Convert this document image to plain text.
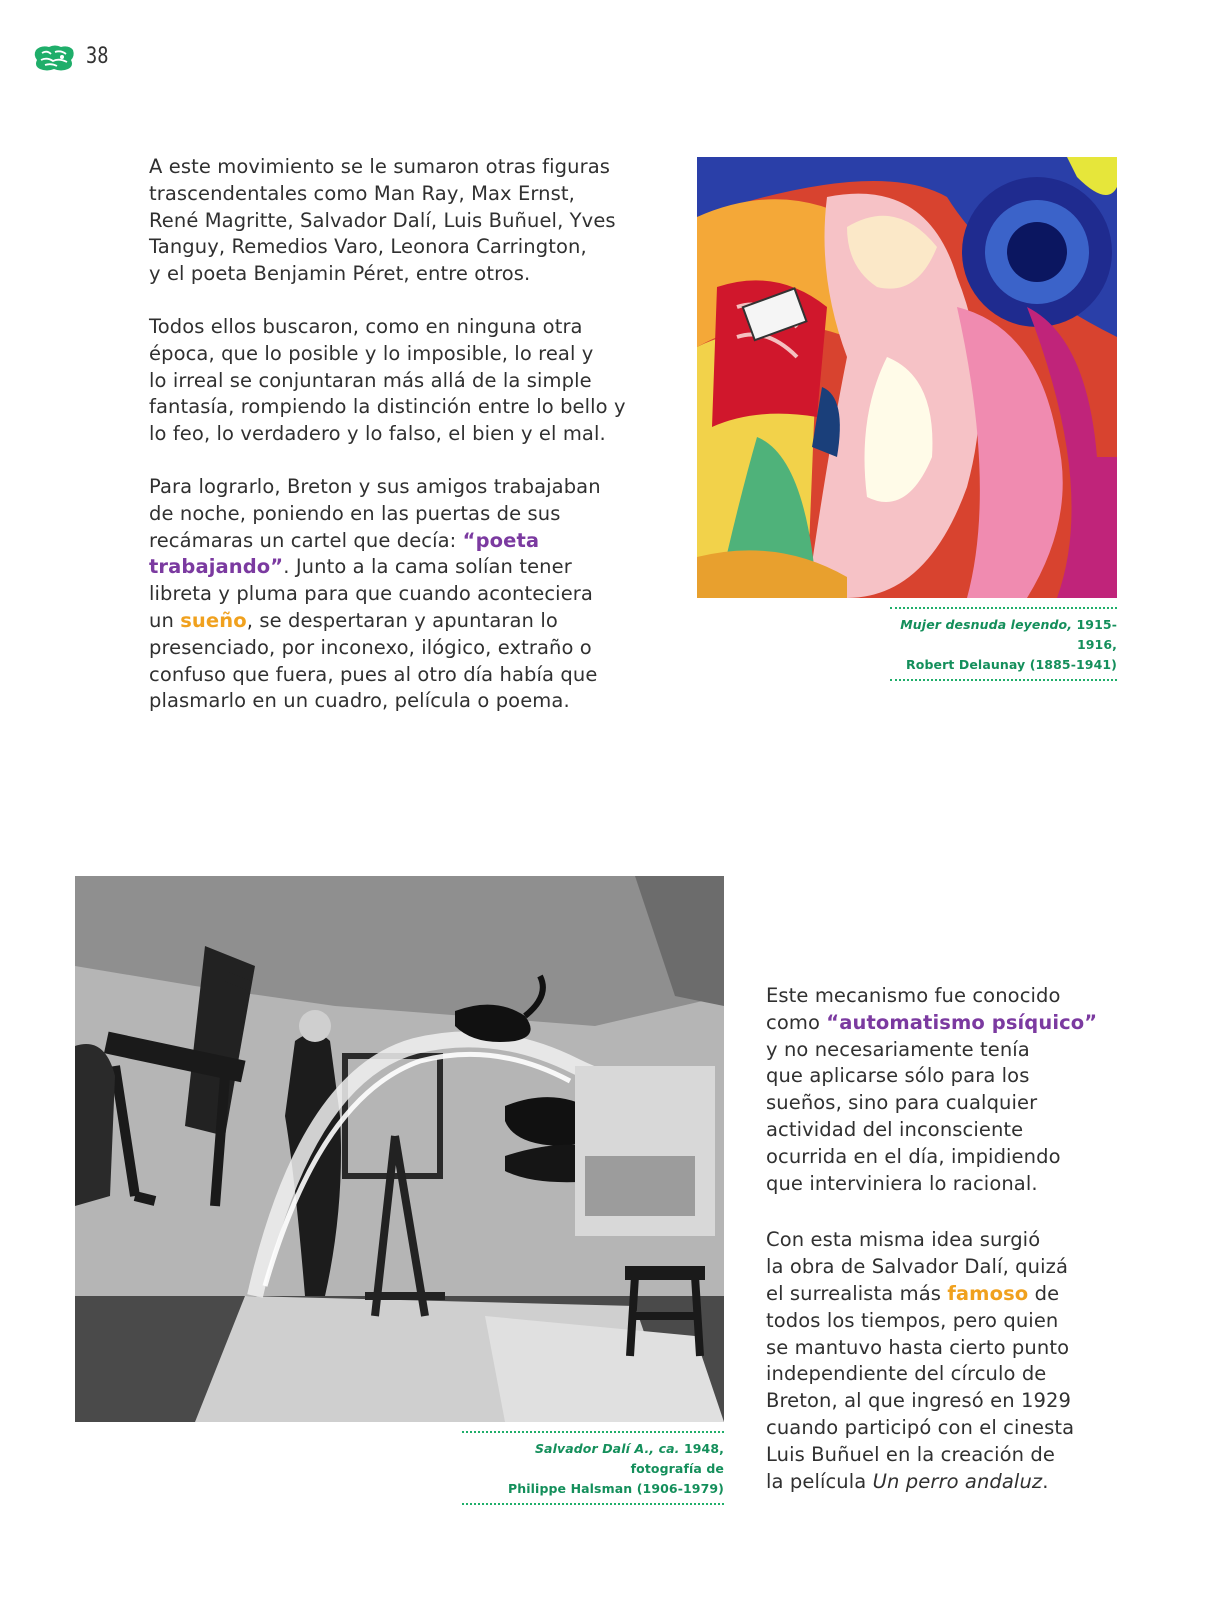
38

A este movimiento se le sumaron otras figuras
trascendentales como Man Ray, Max Ernst,
René Magritte, Salvador Dalí, Luis Buñuel, Yves
Tanguy, Remedios Varo, Leonora Carrington,
y el poeta Benjamin Péret, entre otros.

Todos ellos buscaron, como en ninguna otra
época, que lo posible y lo imposible, lo real y
lo irreal se conjuntaran más allá de la simple
fantasía, rompiendo la distinción entre lo bello y
lo feo, lo verdadero y lo falso, el bien y el mal.

Para lograrlo, Breton y sus amigos trabajaban
de noche, poniendo en las puertas de sus
recámaras un cartel que decía: “poeta
trabajando”. Junto a la cama solían tener
libreta y pluma para que cuando aconteciera
un sueño, se despertaran y apuntaran lo
presenciado, por inconexo, ilógico, extraño o
confuso que fuera, pues al otro día había que
plasmarlo en un cuadro, película o poema.

Mujer desnuda leyendo, 1915-1916,
Robert Delaunay (1885-1941)
Salvador Dalí A., ca. 1948, fotografía de
Philippe Halsman (1906-1979)

Este mecanismo fue conocido
como “automatismo psíquico”
y no necesariamente tenía
que aplicarse sólo para los
sueños, sino para cualquier
actividad del inconsciente
ocurrida en el día, impidiendo
que interviniera lo racional.

Con esta misma idea surgió
la obra de Salvador Dalí, quizá
el surrealista más famoso de
todos los tiempos, pero quien
se mantuvo hasta cierto punto
independiente del círculo de
Breton, al que ingresó en 1929
cuando participó con el cinesta
Luis Buñuel en la creación de
la película Un perro andaluz.
